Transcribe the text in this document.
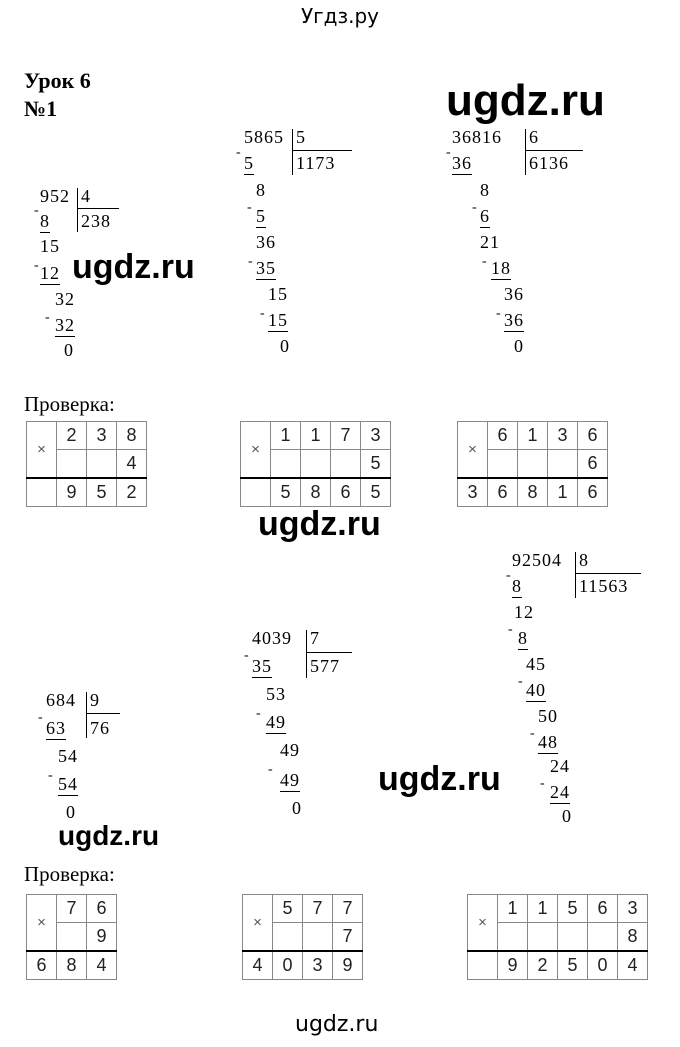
Угдз.ру
Урок 6
№1	ugdz.ru
ugdz.ru
ugdz.ru
ugdz.ru
ugdz.ru
ugdz.ru
952 4
238
-
8
15
- 12
32
- 32
0
5865 5
1173
-
5
8
- 5
36
- 35
15
- 15
0
36816 6
6136
-
36
8
- 6
21
- 18
36
- 36
0
Проверка:
×	2	3	8
			4
	9	5	2
×	1	1	7	3
				5
	5	8	6	5
×	6	1	3	6
				6
3	6	8	1	6
684 9
76
-
63
54
- 54
0
4039 7
577
-
35
53
- 49
49
-
49
0
92504 8
11563
-
8
12
- 8
45
- 40
50
- 48
24
- 24
0
Проверка:
×	7	6
		9
6	8	4
×	5	7	7
			7
4	0	3	9
×	1	1	5	6	3
					8
	9	2	5	0	4
